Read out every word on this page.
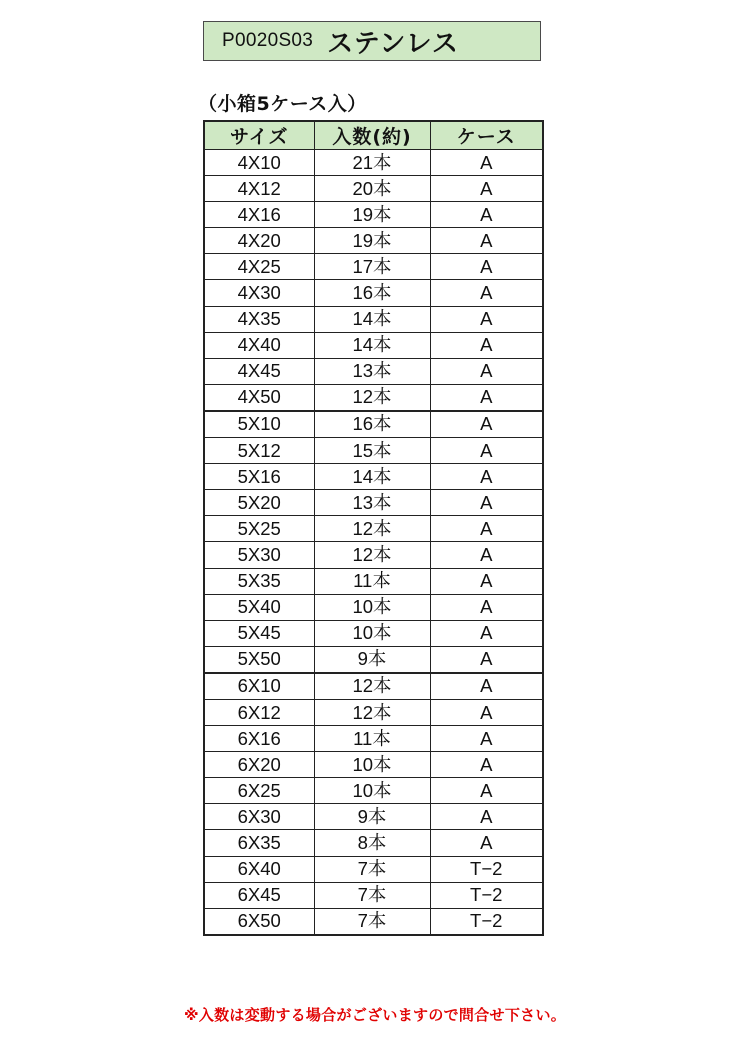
P0020S03 ステンレス
（小箱5ケース入）
サイズ	入数(約)	ケース
4X10	21本	A
4X12	20本	A
4X16	19本	A
4X20	19本	A
4X25	17本	A
4X30	16本	A
4X35	14本	A
4X40	14本	A
4X45	13本	A
4X50	12本	A
5X10	16本	A
5X12	15本	A
5X16	14本	A
5X20	13本	A
5X25	12本	A
5X30	12本	A
5X35	11本	A
5X40	10本	A
5X45	10本	A
5X50	9本	A
6X10	12本	A
6X12	12本	A
6X16	11本	A
6X20	10本	A
6X25	10本	A
6X30	9本	A
6X35	8本	A
6X40	7本	T−2
6X45	7本	T−2
6X50	7本	T−2
※入数は変動する場合がございますので問合せ下さい。
